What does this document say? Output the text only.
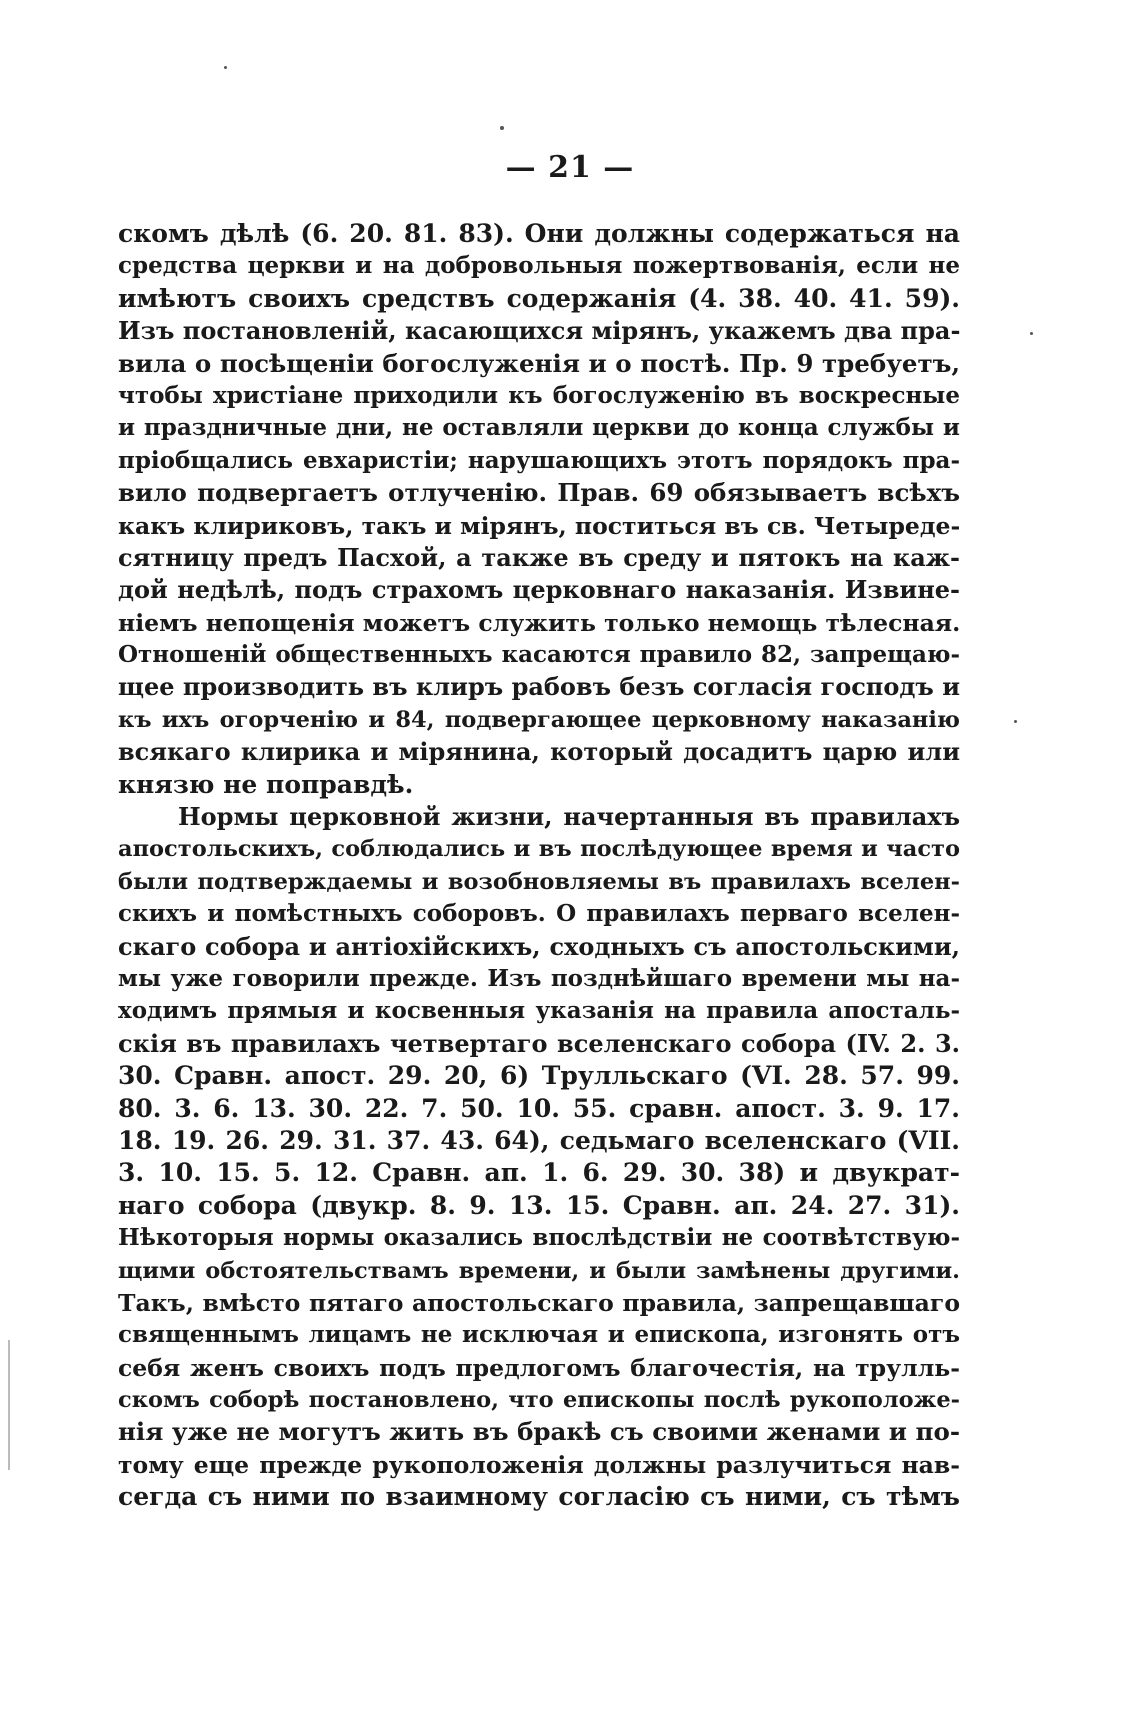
— 21 —
скомъ дѣлѣ (6. 20. 81. 83). Они должны содержаться на
средства церкви и на добровольныя пожертвованія, если не
имѣютъ своихъ средствъ содержанія (4. 38. 40. 41. 59).
Изъ постановленій, касающихся мірянъ, укажемъ два пра-
вила о посѣщеніи богослуженія и о постѣ. Пр. 9 требуетъ,
чтобы христіане приходили къ богослуженію въ воскресные
и праздничные дни, не оставляли церкви до конца службы и
пріобщались евхаристіи; нарушающихъ этотъ порядокъ пра-
вило подвергаетъ отлученію. Прав. 69 обязываетъ всѣхъ
какъ клириковъ, такъ и мірянъ, поститься въ св. Четыреде-
сятницу предъ Пасхой, а также въ среду и пятокъ на каж-
дой недѣлѣ, подъ страхомъ церковнаго наказанія. Извине-
ніемъ непощенія можетъ служить только немощь тѣлесная.
Отношеній общественныхъ касаются правило 82, запрещаю-
щее производить въ клиръ рабовъ безъ согласія господъ и
къ ихъ огорченію и 84, подвергающее церковному наказанію
всякаго клирика и мірянина, который досадитъ царю или
князю не поправдѣ.
Нормы церковной жизни, начертанныя въ правилахъ
апостольскихъ, соблюдались и въ послѣдующее время и часто
были подтверждаемы и возобновляемы въ правилахъ вселен-
скихъ и помѣстныхъ соборовъ. О правилахъ перваго вселен-
скаго собора и антіохійскихъ, сходныхъ съ апостольскими,
мы уже говорили прежде. Изъ позднѣйшаго времени мы на-
ходимъ прямыя и косвенныя указанія на правила апосталь-
скія въ правилахъ четвертаго вселенскаго собора (IV. 2. 3.
30. Сравн. апост. 29. 20, 6) Трулльскаго (VI. 28. 57. 99.
80. 3. 6. 13. 30. 22. 7. 50. 10. 55. сравн. апост. 3. 9. 17.
18. 19. 26. 29. 31. 37. 43. 64), седьмаго вселенскаго (VII.
3. 10. 15. 5. 12. Сравн. ап. 1. 6. 29. 30. 38) и двукрат-
наго собора (двукр. 8. 9. 13. 15. Сравн. ап. 24. 27. 31).
Нѣкоторыя нормы оказались впослѣдствіи не соотвѣтствую-
щими обстоятельствамъ времени, и были замѣнены другими.
Такъ, вмѣсто пятаго апостольскаго правила, запрещавшаго
священнымъ лицамъ не исключая и епископа, изгонять отъ
себя женъ своихъ подъ предлогомъ благочестія, на трулль-
скомъ соборѣ постановлено, что епископы послѣ рукоположе-
нія уже не могутъ жить въ бракѣ съ своими женами и по-
тому еще прежде рукоположенія должны разлучиться нав-
сегда съ ними по взаимному согласію съ ними, съ тѣмъ
